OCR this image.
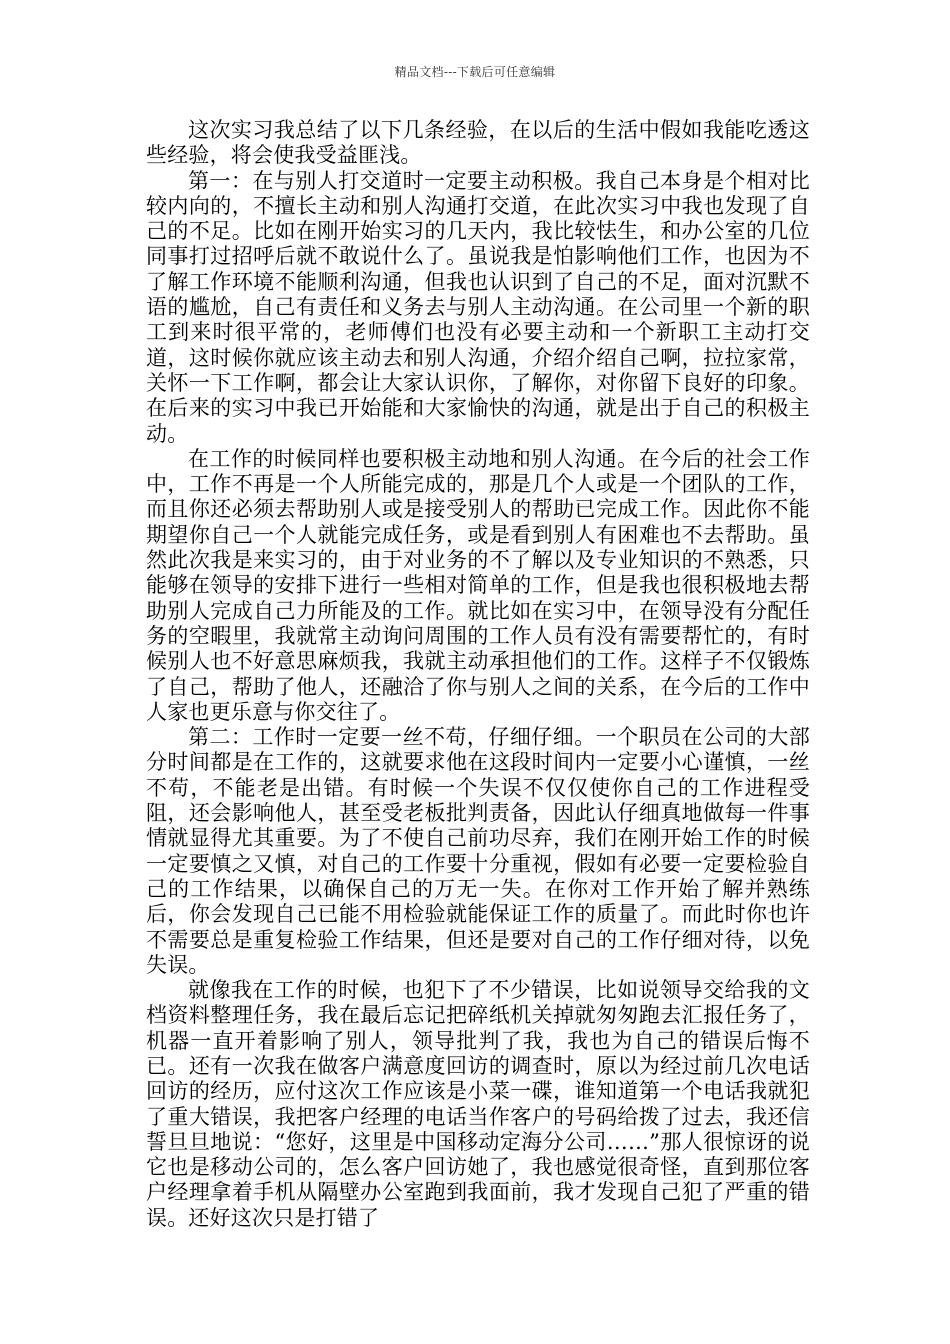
精品文档---下载后可任意编辑

这次实习我总结了以下几条经验，在以后的生活中假如我能吃透这些经验，将会使我受益匪浅。

第一：在与别人打交道时一定要主动积极。我自己本身是个相对比较内向的，不擅长主动和别人沟通打交道，在此次实习中我也发现了自己的不足。比如在刚开始实习的几天内，我比较怯生，和办公室的几位同事打过招呼后就不敢说什么了。虽说我是怕影响他们工作，也因为不了解工作环境不能顺利沟通，但我也认识到了自己的不足，面对沉默不语的尴尬，自己有责任和义务去与别人主动沟通。在公司里一个新的职工到来时很平常的，老师傅们也没有必要主动和一个新职工主动打交道，这时候你就应该主动去和别人沟通，介绍介绍自己啊，拉拉家常，关怀一下工作啊，都会让大家认识你，了解你，对你留下良好的印象。在后来的实习中我已开始能和大家愉快的沟通，就是出于自己的积极主动。

在工作的时候同样也要积极主动地和别人沟通。在今后的社会工作中，工作不再是一个人所能完成的，那是几个人或是一个团队的工作，而且你还必须去帮助别人或是接受别人的帮助已完成工作。因此你不能期望你自己一个人就能完成任务，或是看到别人有困难也不去帮助。虽然此次我是来实习的，由于对业务的不了解以及专业知识的不熟悉，只能够在领导的安排下进行一些相对简单的工作，但是我也很积极地去帮助别人完成自己力所能及的工作。就比如在实习中，在领导没有分配任务的空暇里，我就常主动询问周围的工作人员有没有需要帮忙的，有时候别人也不好意思麻烦我，我就主动承担他们的工作。这样子不仅锻炼了自己，帮助了他人，还融洽了你与别人之间的关系，在今后的工作中人家也更乐意与你交往了。

第二：工作时一定要一丝不苟，仔细仔细。一个职员在公司的大部分时间都是在工作的，这就要求他在这段时间内一定要小心谨慎，一丝不苟，不能老是出错。有时候一个失误不仅仅使你自己的工作进程受阻，还会影响他人，甚至受老板批判责备，因此认仔细真地做每一件事情就显得尤其重要。为了不使自己前功尽弃，我们在刚开始工作的时候一定要慎之又慎，对自己的工作要十分重视，假如有必要一定要检验自己的工作结果，以确保自己的万无一失。在你对工作开始了解并熟练后，你会发现自己已能不用检验就能保证工作的质量了。而此时你也许不需要总是重复检验工作结果，但还是要对自己的工作仔细对待，以免失误。

就像我在工作的时候，也犯下了不少错误，比如说领导交给我的文档资料整理任务，我在最后忘记把碎纸机关掉就匆匆跑去汇报任务了，机器一直开着影响了别人，领导批判了我，我也为自己的错误后悔不已。还有一次我在做客户满意度回访的调查时，原以为经过前几次电话回访的经历，应付这次工作应该是小菜一碟，谁知道第一个电话我就犯了重大错误，我把客户经理的电话当作客户的号码给拨了过去，我还信誓旦旦地说：“您好，这里是中国移动定海分公司……”那人很惊讶的说它也是移动公司的，怎么客户回访她了，我也感觉很奇怪，直到那位客户经理拿着手机从隔壁办公室跑到我面前，我才发现自己犯了严重的错误。还好这次只是打错了
